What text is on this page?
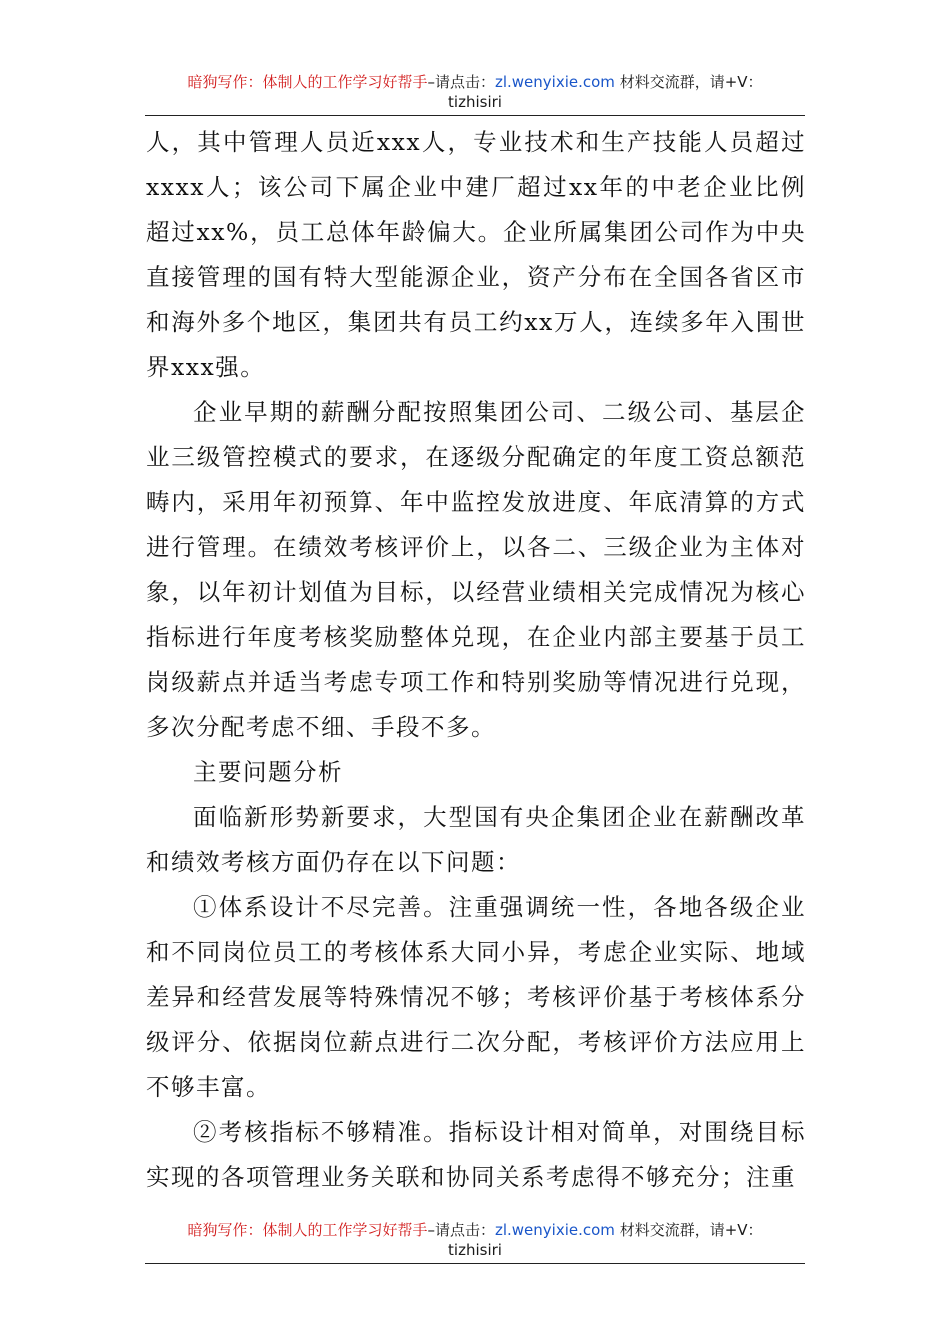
暗狗写作：体制人的工作学习好帮手–请点击：zl.wenyixie.com 材料交流群，请+V：
tizhisiri

人，其中管理人员近xxx人，专业技术和生产技能人员超过xxxx人；该公司下属企业中建厂超过xx年的中老企业比例超过xx%，员工总体年龄偏大。企业所属集团公司作为中央直接管理的国有特大型能源企业，资产分布在全国各省区市和海外多个地区，集团共有员工约xx万人，连续多年入围世界xxx强。

企业早期的薪酬分配按照集团公司、二级公司、基层企业三级管控模式的要求，在逐级分配确定的年度工资总额范畴内，采用年初预算、年中监控发放进度、年底清算的方式进行管理。在绩效考核评价上，以各二、三级企业为主体对象，以年初计划值为目标，以经营业绩相关完成情况为核心指标进行年度考核奖励整体兑现，在企业内部主要基于员工岗级薪点并适当考虑专项工作和特别奖励等情况进行兑现，多次分配考虑不细、手段不多。

主要问题分析

面临新形势新要求，大型国有央企集团企业在薪酬改革和绩效考核方面仍存在以下问题：

①体系设计不尽完善。注重强调统一性，各地各级企业和不同岗位员工的考核体系大同小异，考虑企业实际、地域差异和经营发展等特殊情况不够；考核评价基于考核体系分级评分、依据岗位薪点进行二次分配，考核评价方法应用上不够丰富。

②考核指标不够精准。指标设计相对简单，对围绕目标实现的各项管理业务关联和协同关系考虑得不够充分；注重

暗狗写作：体制人的工作学习好帮手–请点击：zl.wenyixie.com 材料交流群，请+V：
tizhisiri
